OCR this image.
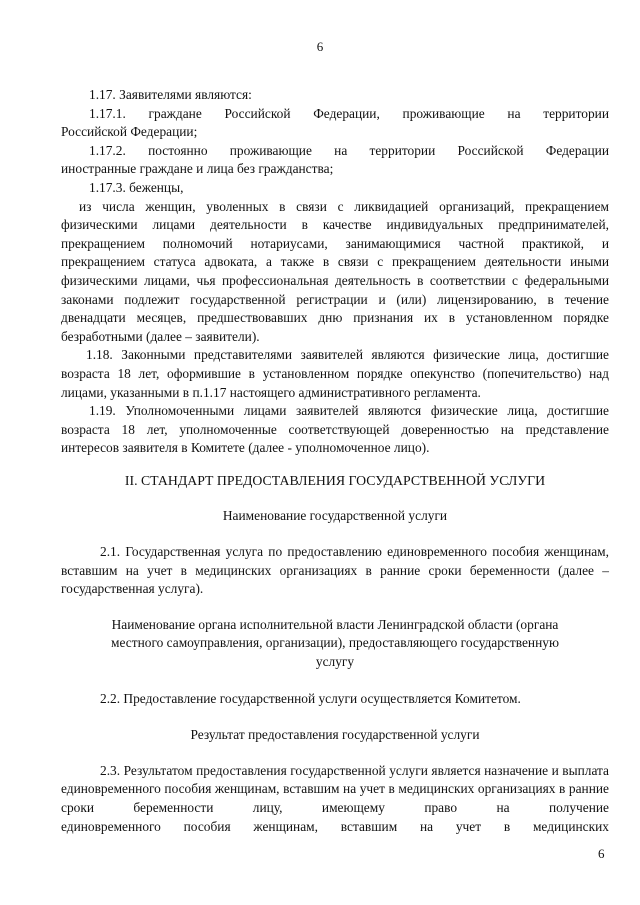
6

1.17. Заявителями являются:

1.17.1. граждане Российской Федерации, проживающие на территории

Российской Федерации;

1.17.2. постоянно проживающие на территории Российской Федерации

иностранные граждане и лица без гражданства;

1.17.3. беженцы,

из числа женщин, уволенных в связи с ликвидацией организаций, прекращением физическими лицами деятельности в качестве индивидуальных предпринимателей, прекращением полномочий нотариусами, занимающимися частной практикой, и прекращением статуса адвоката, а также в связи с прекращением деятельности иными физическими лицами, чья профессиональная деятельность в соответствии с федеральными законами подлежит государственной регистрации и (или) лицензированию, в течение двенадцати месяцев, предшествовавших дню признания их в установленном порядке безработными (далее – заявители).

1.18. Законными представителями заявителей являются физические лица, достигшие возраста 18 лет, оформившие в установленном порядке опекунство (попечительство) над лицами, указанными в п.1.17 настоящего административного регламента.

1.19. Уполномоченными лицами заявителей являются физические лица, достигшие возраста 18 лет, уполномоченные соответствующей доверенностью на представление интересов заявителя в Комитете (далее - уполномоченное лицо).

II. СТАНДАРТ ПРЕДОСТАВЛЕНИЯ ГОСУДАРСТВЕННОЙ УСЛУГИ

Наименование государственной услуги

2.1. Государственная услуга по предоставлению единовременного пособия женщинам, вставшим на учет в медицинских организациях в ранние сроки беременности (далее – государственная услуга).

Наименование органа исполнительной власти Ленинградской области (органа

местного самоуправления, организации), предоставляющего государственную

услугу

2.2. Предоставление государственной услуги осуществляется Комитетом.

Результат предоставления государственной услуги

2.3. Результатом предоставления государственной услуги является назначение и выплата единовременного пособия женщинам, вставшим на учет в медицинских организациях в ранние сроки беременности лицу, имеющему право на получение

единовременного пособия женщинам, вставшим на учет в медицинских

6
